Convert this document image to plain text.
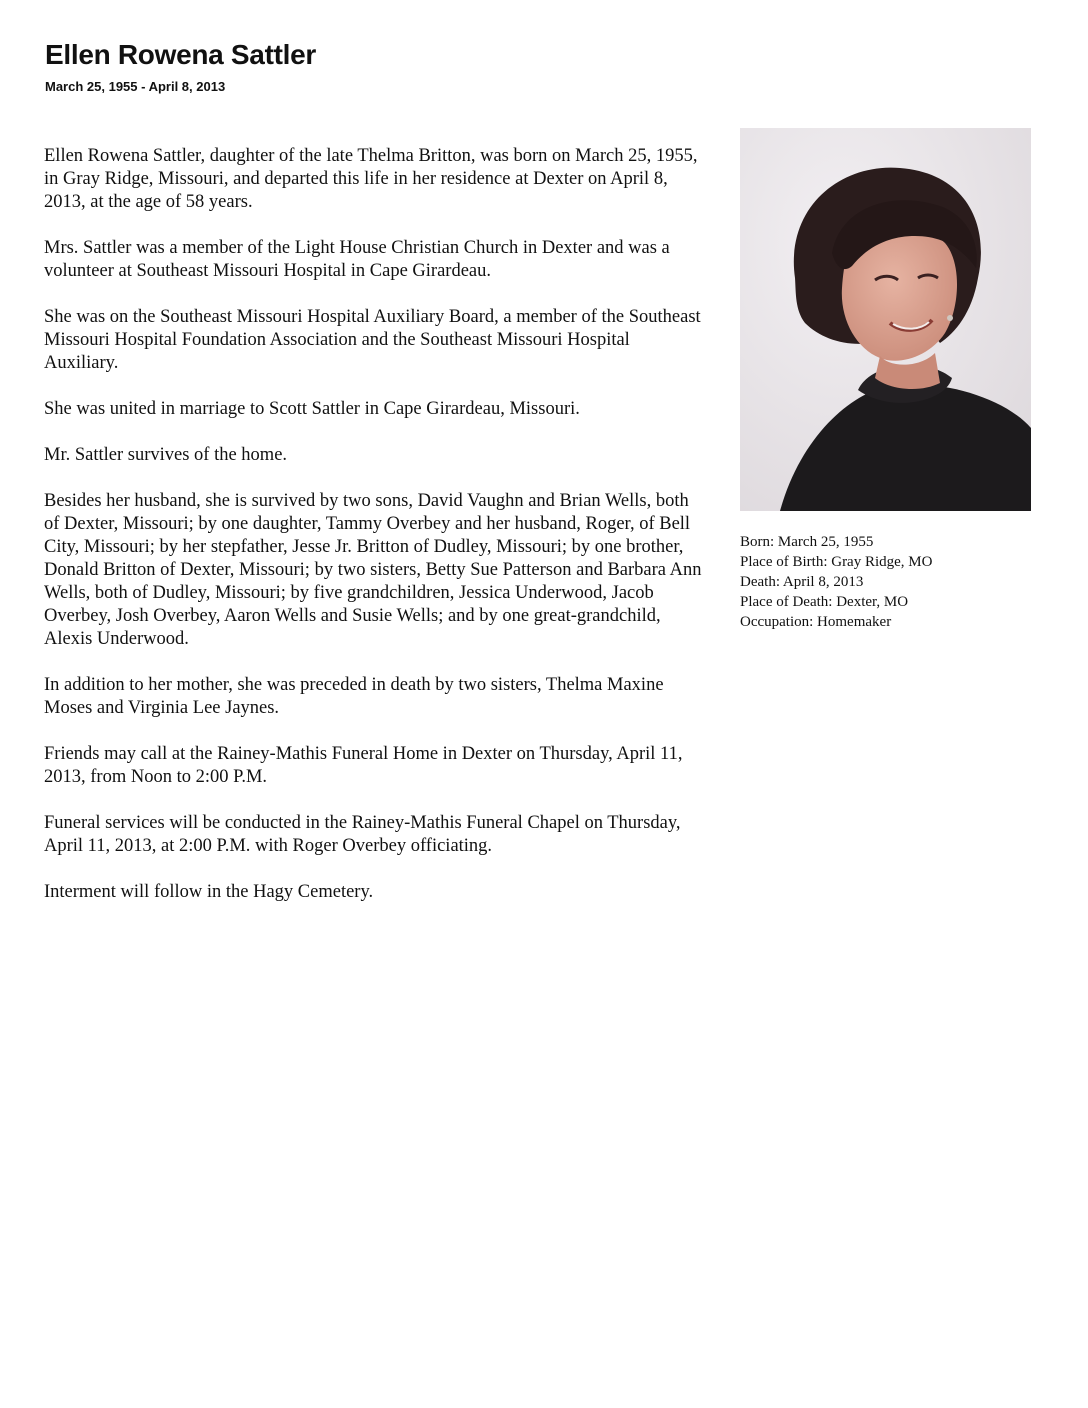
Ellen Rowena Sattler
March 25, 1955 - April 8, 2013

Ellen Rowena Sattler, daughter of the late Thelma Britton, was born on March 25, 1955, in Gray Ridge, Missouri, and departed this life in her residence at Dexter on April 8, 2013, at the age of 58 years.

Mrs. Sattler was a member of the Light House Christian Church in Dexter and was a volunteer at Southeast Missouri Hospital in Cape Girardeau.

She was on the Southeast Missouri Hospital Auxiliary Board, a member of the Southeast Missouri Hospital Foundation Association and the Southeast Missouri Hospital Auxiliary.

She was united in marriage to Scott Sattler in Cape Girardeau, Missouri.

Mr. Sattler survives of the home.

Besides her husband, she is survived by two sons, David Vaughn and Brian Wells, both of Dexter, Missouri; by one daughter, Tammy Overbey and her husband, Roger, of Bell City, Missouri; by her stepfather, Jesse Jr. Britton of Dudley, Missouri; by one brother, Donald Britton of Dexter, Missouri; by two sisters, Betty Sue Patterson and Barbara Ann Wells, both of Dudley, Missouri; by five grandchildren, Jessica Underwood, Jacob Overbey, Josh Overbey, Aaron Wells and Susie Wells; and by one great-grandchild, Alexis Underwood.

In addition to her mother, she was preceded in death by two sisters, Thelma Maxine Moses and Virginia Lee Jaynes.

Friends may call at the Rainey-Mathis Funeral Home in Dexter on Thursday, April 11, 2013, from Noon to 2:00 P.M.

Funeral services will be conducted in the Rainey-Mathis Funeral Chapel on Thursday, April 11, 2013, at 2:00 P.M. with Roger Overbey officiating.

Interment will follow in the Hagy Cemetery.

Born: March 25, 1955
Place of Birth: Gray Ridge, MO
Death: April 8, 2013
Place of Death: Dexter, MO
Occupation: Homemaker
